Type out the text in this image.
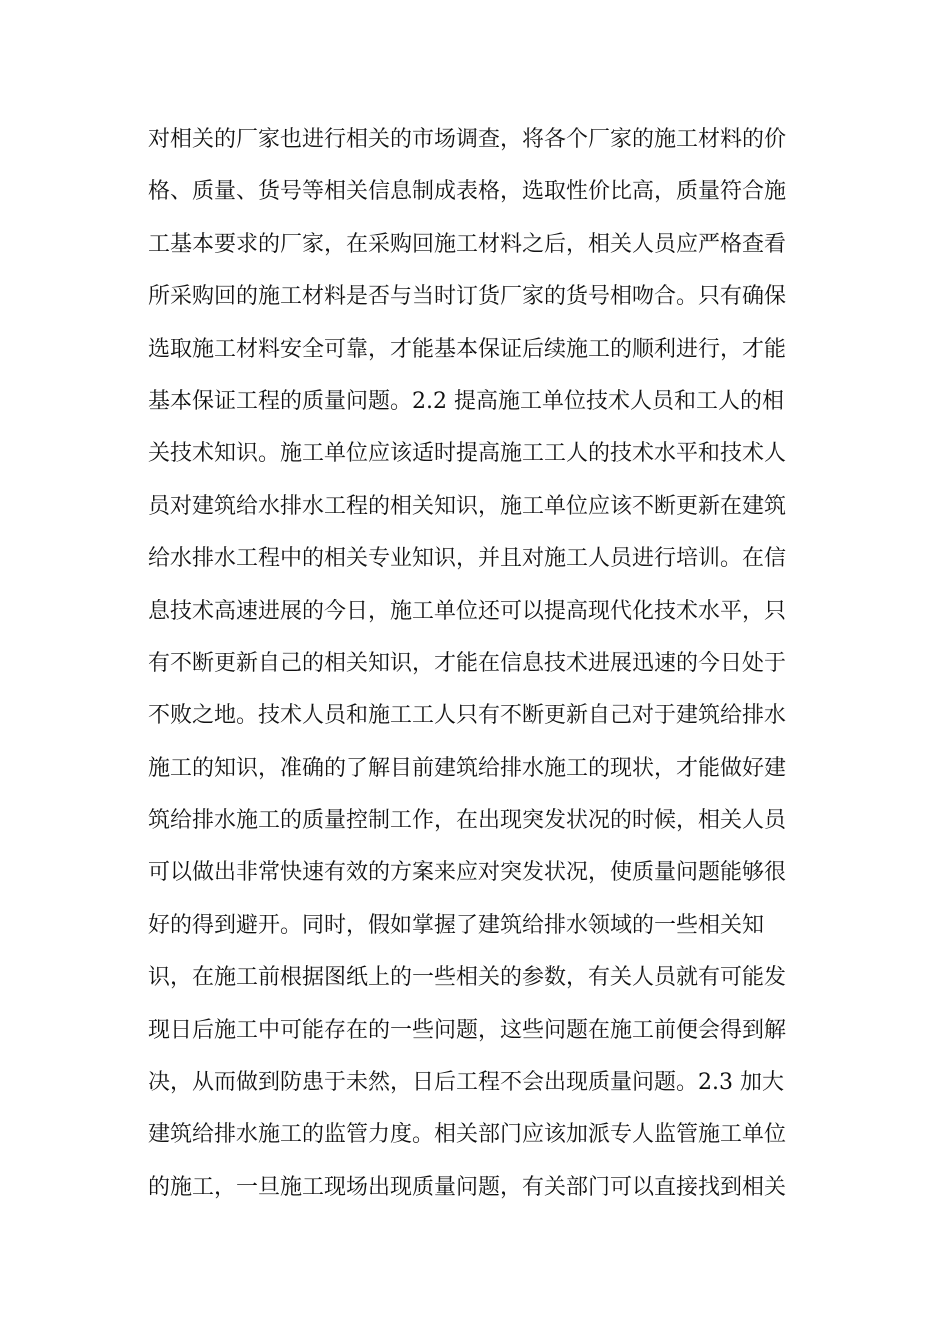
对相关的厂家也进行相关的市场调查，将各个厂家的施工材料的价
格、质量、货号等相关信息制成表格，选取性价比高，质量符合施
工基本要求的厂家，在采购回施工材料之后，相关人员应严格查看
所采购回的施工材料是否与当时订货厂家的货号相吻合。只有确保
选取施工材料安全可靠，才能基本保证后续施工的顺利进行，才能
基本保证工程的质量问题。2.2 提高施工单位技术人员和工人的相
关技术知识。施工单位应该适时提高施工工人的技术水平和技术人
员对建筑给水排水工程的相关知识，施工单位应该不断更新在建筑
给水排水工程中的相关专业知识，并且对施工人员进行培训。在信
息技术高速进展的今日，施工单位还可以提高现代化技术水平，只
有不断更新自己的相关知识，才能在信息技术进展迅速的今日处于
不败之地。技术人员和施工工人只有不断更新自己对于建筑给排水
施工的知识，准确的了解目前建筑给排水施工的现状，才能做好建
筑给排水施工的质量控制工作，在出现突发状况的时候，相关人员
可以做出非常快速有效的方案来应对突发状况，使质量问题能够很
好的得到避开。同时，假如掌握了建筑给排水领域的一些相关知
识，在施工前根据图纸上的一些相关的参数，有关人员就有可能发
现日后施工中可能存在的一些问题，这些问题在施工前便会得到解
决，从而做到防患于未然，日后工程不会出现质量问题。2.3 加大
建筑给排水施工的监管力度。相关部门应该加派专人监管施工单位
的施工，一旦施工现场出现质量问题，有关部门可以直接找到相关
